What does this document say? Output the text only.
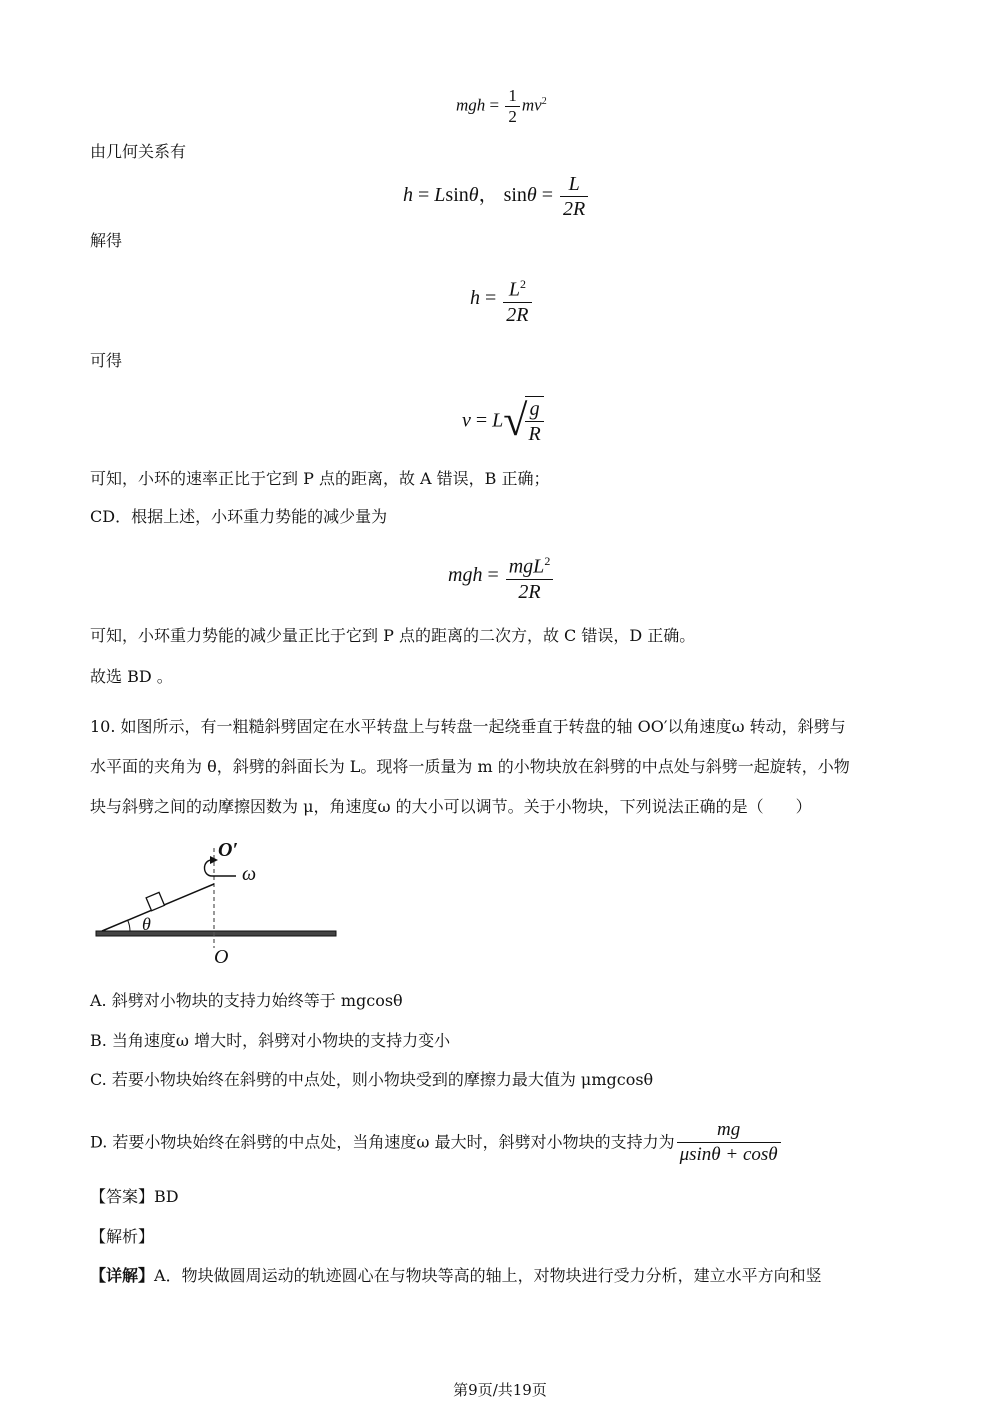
mgh = $\frac{1}{2} mv^2$
由几何关系有
h = Lsinθ， $\sin\theta = \frac{L}{2R}$
解得
$h = \frac{L^2}{2R}$
可得
v = L√
$\frac{g}{R}$
可知，小环的速率正比于它到 P 点的距离，故 A 错误，B 正确；
CD．根据上述，小环重力势能的减少量为
mgh = $\frac{mgL^2}{2R}$
可知，小环重力势能的减少量正比于它到 P 点的距离的二次方，故 C 错误，D 正确。
故选 BD 。
10. 如图所示，有一粗糙斜劈固定在水平转盘上与转盘一起绕垂直于转盘的轴 OO′以角速度ω 转动，斜劈与
水平面的夹角为 θ，斜劈的斜面长为 L。现将一质量为 m 的小物块放在斜劈的中点处与斜劈一起旋转，小物
块与斜劈之间的动摩擦因数为 μ，角速度ω 的大小可以调节。关于小物块，下列说法正确的是（　　）
O′
ω
θ
O
A. 斜劈对小物块的支持力始终等于 mgcosθ
B. 当角速度ω 增大时，斜劈对小物块的支持力变小
C. 若要小物块始终在斜劈的中点处，则小物块受到的摩擦力最大值为 μmgcosθ
D. 若要小物块始终在斜劈的中点处，当角速度ω 最大时，斜劈对小物块的支持力为 $\frac{mg}{\mu\sin\theta + \cos\theta}$
【答案】BD
【解析】
【详解】A．物块做圆周运动的轨迹圆心在与物块等高的轴上，对物块进行受力分析，建立水平方向和竖
第9页/共19页
